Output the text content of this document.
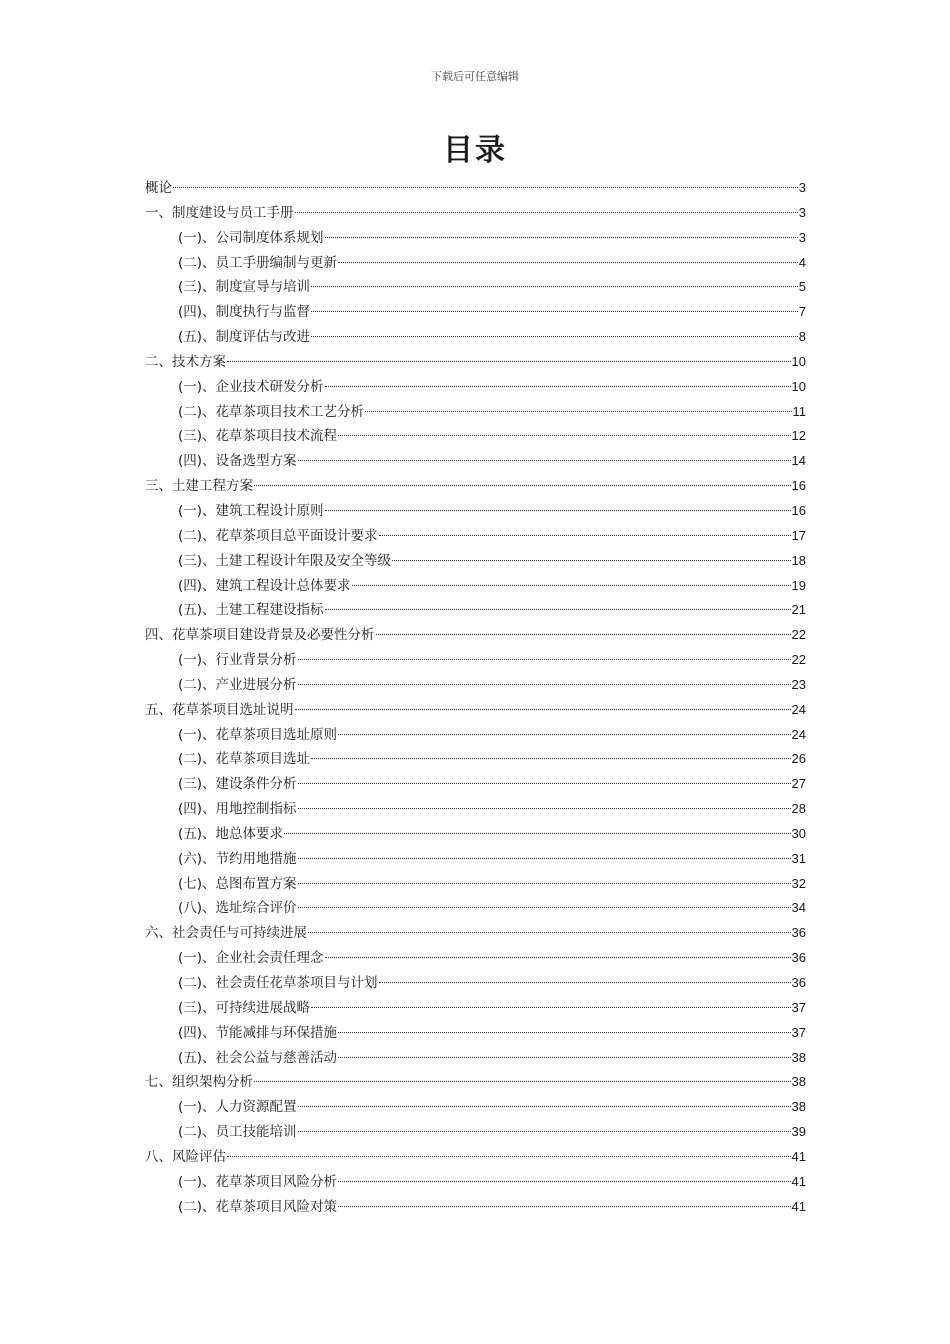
下载后可任意编辑
目录
概论	3
一、制度建设与员工手册	3
(一)、公司制度体系规划	3
(二)、员工手册编制与更新	4
(三)、制度宣导与培训	5
(四)、制度执行与监督	7
(五)、制度评估与改进	8
二、技术方案	10
(一)、企业技术研发分析	10
(二)、花草茶项目技术工艺分析	11
(三)、花草茶项目技术流程	12
(四)、设备选型方案	14
三、土建工程方案	16
(一)、建筑工程设计原则	16
(二)、花草茶项目总平面设计要求	17
(三)、土建工程设计年限及安全等级	18
(四)、建筑工程设计总体要求	19
(五)、土建工程建设指标	21
四、花草茶项目建设背景及必要性分析	22
(一)、行业背景分析	22
(二)、产业进展分析	23
五、花草茶项目选址说明	24
(一)、花草茶项目选址原则	24
(二)、花草茶项目选址	26
(三)、建设条件分析	27
(四)、用地控制指标	28
(五)、地总体要求	30
(六)、节约用地措施	31
(七)、总图布置方案	32
(八)、选址综合评价	34
六、社会责任与可持续进展	36
(一)、企业社会责任理念	36
(二)、社会责任花草茶项目与计划	36
(三)、可持续进展战略	37
(四)、节能减排与环保措施	37
(五)、社会公益与慈善活动	38
七、组织架构分析	38
(一)、人力资源配置	38
(二)、员工技能培训	39
八、风险评估	41
(一)、花草茶项目风险分析	41
(二)、花草茶项目风险对策	41
